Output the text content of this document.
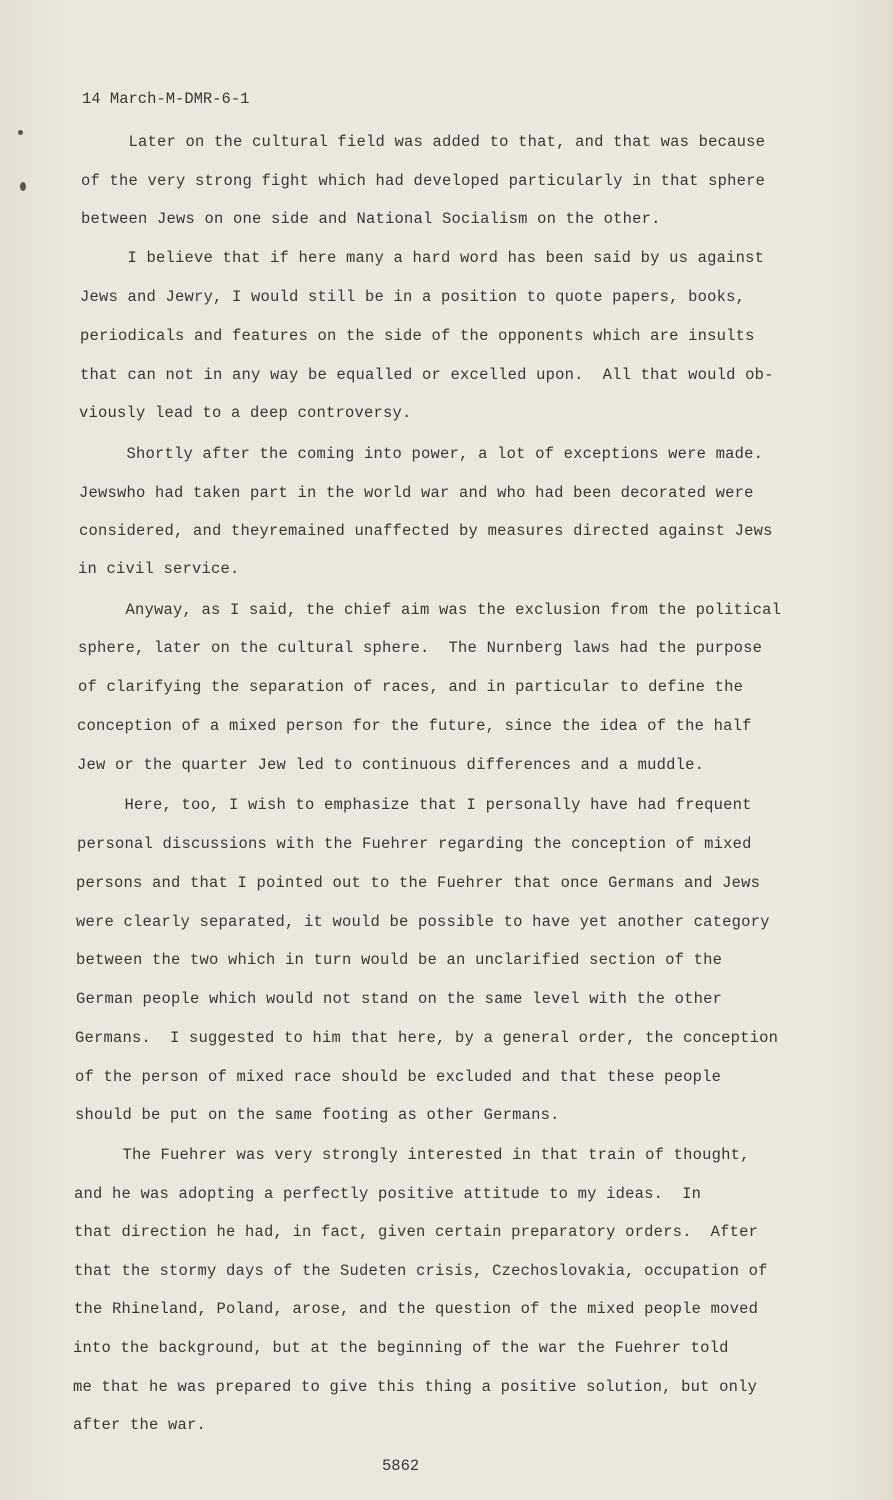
14 March-M-DMR-6-1
Later on the cultural field was added to that, and that was because
of the very strong fight which had developed particularly in that sphere
between Jews on one side and National Socialism on the other.
I believe that if here many a hard word has been said by us against
Jews and Jewry, I would still be in a position to quote papers, books,
periodicals and features on the side of the opponents which are insults
that can not in any way be equalled or excelled upon.  All that would ob-
viously lead to a deep controversy.
Shortly after the coming into power, a lot of exceptions were made.
Jewswho had taken part in the world war and who had been decorated were
considered, and theyremained unaffected by measures directed against Jews
in civil service.
Anyway, as I said, the chief aim was the exclusion from the political
sphere, later on the cultural sphere.  The Nurnberg laws had the purpose
of clarifying the separation of races, and in particular to define the
conception of a mixed person for the future, since the idea of the half
Jew or the quarter Jew led to continuous differences and a muddle.
Here, too, I wish to emphasize that I personally have had frequent
personal discussions with the Fuehrer regarding the conception of mixed
persons and that I pointed out to the Fuehrer that once Germans and Jews
were clearly separated, it would be possible to have yet another category
between the two which in turn would be an unclarified section of the
German people which would not stand on the same level with the other
Germans.  I suggested to him that here, by a general order, the conception
of the person of mixed race should be excluded and that these people
should be put on the same footing as other Germans.
The Fuehrer was very strongly interested in that train of thought,
and he was adopting a perfectly positive attitude to my ideas.  In
that direction he had, in fact, given certain preparatory orders.  After
that the stormy days of the Sudeten crisis, Czechoslovakia, occupation of
the Rhineland, Poland, arose, and the question of the mixed people moved
into the background, but at the beginning of the war the Fuehrer told
me that he was prepared to give this thing a positive solution, but only
after the war.
5862
